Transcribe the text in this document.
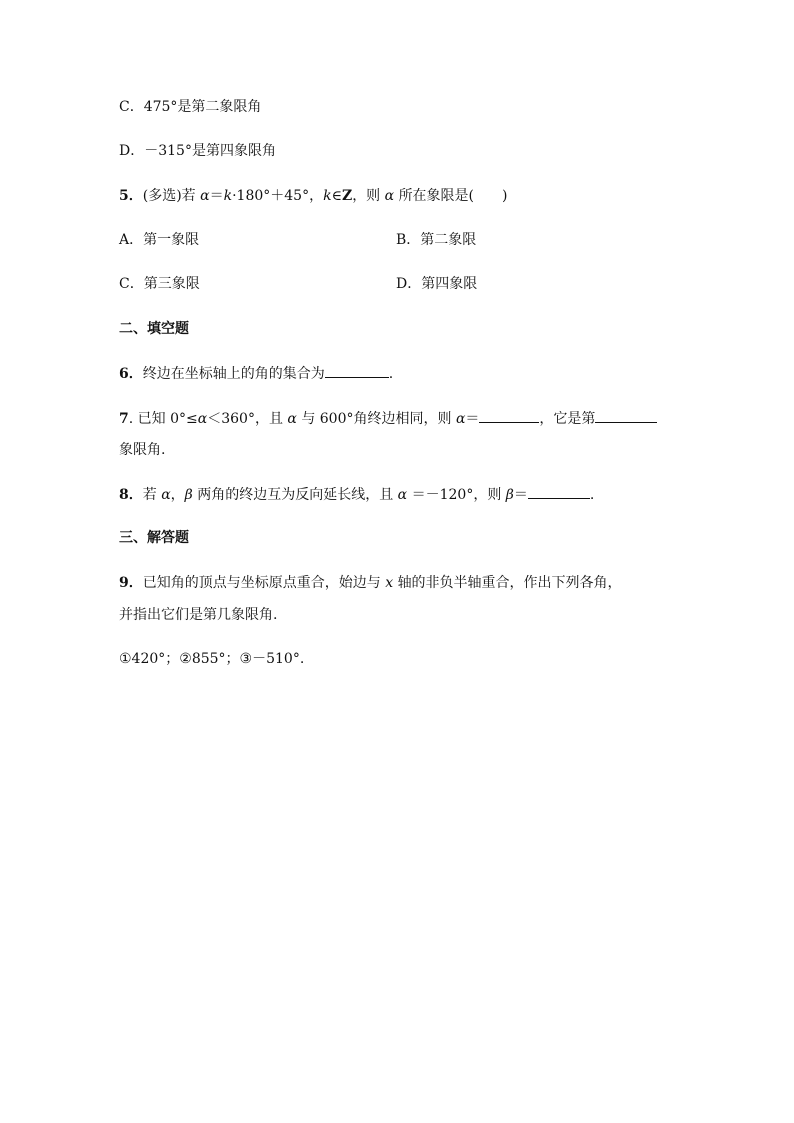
C．475°是第二象限角
D．－315°是第四象限角
5．(多选)若 α＝k·180°＋45°，k∈Z，则 α 所在象限是( )
A．第一象限	B．第二象限
C．第三象限	D．第四象限
二、填空题
6．终边在坐标轴上的角的集合为	.
7. 已知 0°≤α＜360°，且 α 与 600°角终边相同，则 α＝	，它是第
象限角.
8．若 α，β 两角的终边互为反向延长线，且 α ＝－120°，则 β＝	.
三、解答题
9．已知角的顶点与坐标原点重合，始边与 x 轴的非负半轴重合，作出下列各角，
并指出它们是第几象限角.
①420°；②855°；③－510°.
